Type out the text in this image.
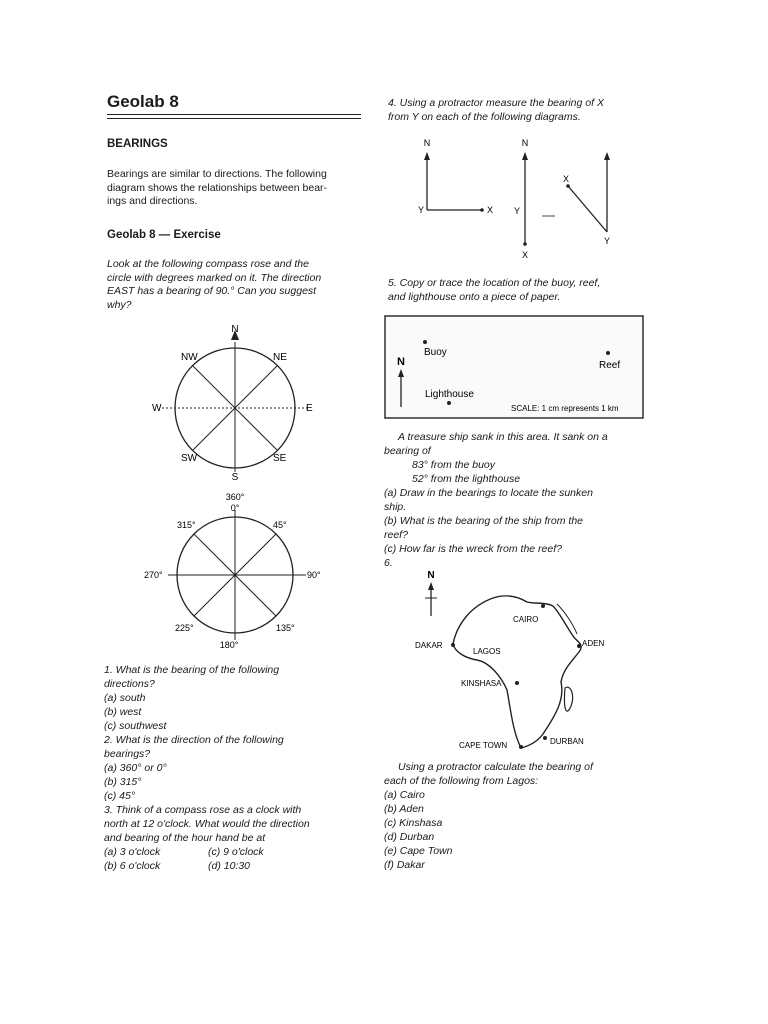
Geolab 8
BEARINGS
Bearings are similar to directions. The following
diagram shows the relationships between bear-
ings and directions.
Geolab 8 — Exercise
Look at the following compass rose and the
circle with degrees marked on it. The direction
EAST has a bearing of 90.° Can you suggest
why?
N
NW	NE
W	E
SW	SE
S
360°
0°
315°	45°
270°	90°
225°	135°
180°
1. What is the bearing of the following
directions?
(a) south
(b) west
(c) southwest
2. What is the direction of the following
bearings?
(a) 360° or 0°
(b) 315°
(c) 45°
3. Think of a compass rose as a clock with
north at 12 o'clock. What would the direction
and bearing of the hour hand be at
(a) 3 o'clock	(c) 9 o'clock
(b) 6 o'clock	(d) 10:30
4. Using a protractor measure the bearing of X
from Y on each of the following diagrams.
N
Y	X
N
Y
X
X
Y
5. Copy or trace the location of the buoy, reef,
and lighthouse onto a piece of paper.
Buoy
Reef
N
Lighthouse
SCALE: 1 cm represents 1 km
A treasure ship sank in this area. It sank on a
bearing of
83° from the buoy
52° from the lighthouse
(a) Draw in the bearings to locate the sunken
ship.
(b) What is the bearing of the ship from the
reef?
(c) How far is the wreck from the reef?
6.
N
CAIRO
DAKAR
LAGOS
ADEN
KINSHASA
CAPE TOWN	DURBAN
Using a protractor calculate the bearing of
each of the following from Lagos:
(a) Cairo
(b) Aden
(c) Kinshasa
(d) Durban
(e) Cape Town
(f) Dakar
